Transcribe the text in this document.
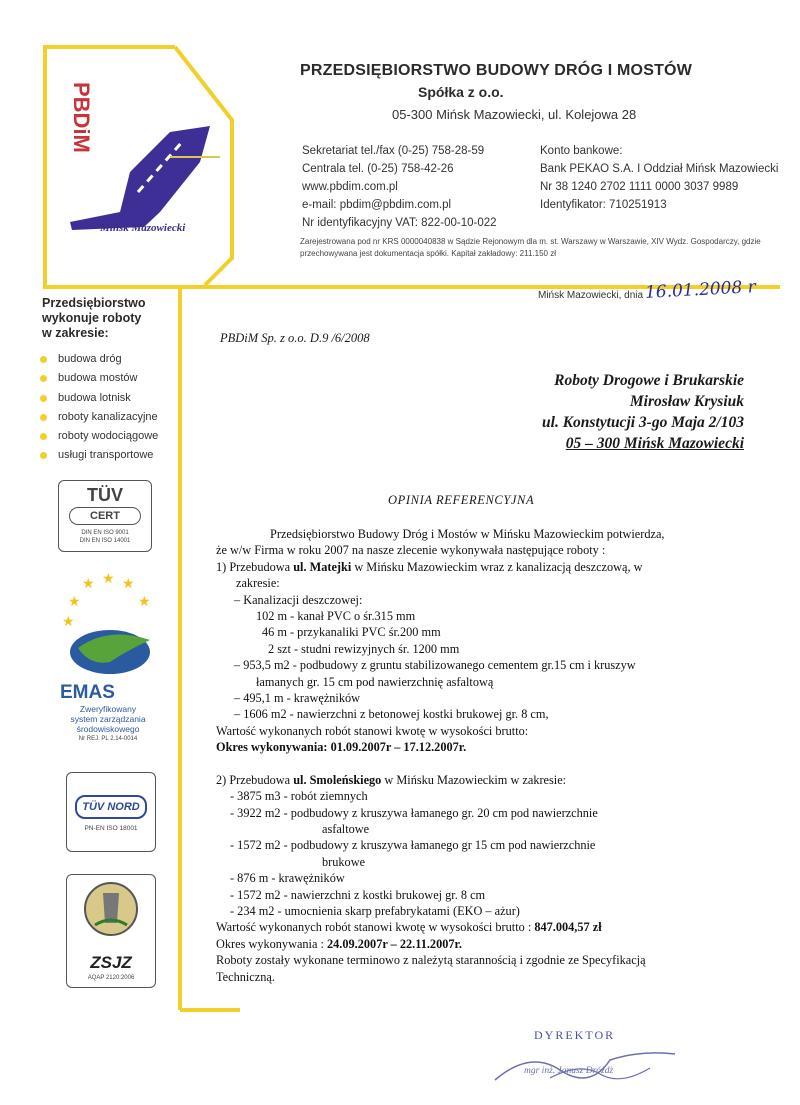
PBDiM
Mińsk Mazowiecki
PRZEDSIĘBIORSTWO BUDOWY DRÓG I MOSTÓW
Spółka z o.o.
05-300 Mińsk Mazowiecki, ul. Kolejowa 28
Sekretariat tel./fax (0-25) 758-28-59
Centrala tel. (0-25) 758-42-26
www.pbdim.com.pl
e-mail: pbdim@pbdim.com.pl
Nr identyfikacyjny VAT: 822-00-10-022
Konto bankowe:
Bank PEKAO S.A. I Oddział Mińsk Mazowiecki
Nr 38 1240 2702 1111 0000 3037 9989
Identyfikator: 710251913
Zarejestrowana pod nr KRS 0000040838 w Sądzie Rejonowym dla m. st. Warszawy w Warszawie, XIV Wydz. Gospodarczy, gdzie przechowywana jest dokumentacja spółki. Kapitał zakładowy: 211.150 zł
Mińsk Mazowiecki, dnia 16.01.2008 r
Przedsiębiorstwo
wykonuje roboty
w zakresie:
budowa dróg
budowa mostów
budowa lotnisk
roboty kanalizacyjne
roboty wodociągowe
usługi transportowe
TÜV
CERT
DIN EN ISO 9001
DIN EN ISO 14001
★ ★ ★
★	★
★
EMAS
Zweryfikowany
system zarządzania
środowiskowego
Nr REJ. PL 2.14-0014
TÜV NORD
PN-EN ISO 18001
ZSJZ
AQAP 2120:2006
PBDiM Sp. z o.o. D.9 /6/2008
Roboty Drogowe i Brukarskie
Mirosław Krysiuk
ul. Konstytucji 3-go Maja 2/103
05 – 300 Mińsk Mazowiecki
OPINIA REFERENCYJNA

Przedsiębiorstwo Budowy Dróg i Mostów w Mińsku Mazowieckim potwierdza,

że w/w Firma w roku 2007 na nasze zlecenie wykonywała następujące roboty :

1) Przebudowa ul. Matejki w Mińsku Mazowieckim wraz z kanalizacją deszczową, w

zakresie:

– Kanalizacji deszczowej:

102 m - kanał PVC o śr.315 mm

46 m - przykanaliki PVC śr.200 mm

2 szt - studni rewizyjnych śr. 1200 mm

– 953,5 m2 - podbudowy z gruntu stabilizowanego cementem gr.15 cm i kruszyw

łamanych gr. 15 cm pod nawierzchnię asfaltową

– 495,1 m - krawężników

– 1606 m2 - nawierzchni z betonowej kostki brukowej gr. 8 cm,

Wartość wykonanych robót stanowi kwotę w wysokości brutto:

Okres wykonywania: 01.09.2007r – 17.12.2007r.

2) Przebudowa ul. Smoleńskiego w Mińsku Mazowieckim w zakresie:

- 3875 m3 - robót ziemnych

- 3922 m2 - podbudowy z kruszywa łamanego gr. 20 cm pod nawierzchnie

asfaltowe

- 1572 m2 - podbudowy z kruszywa łamanego gr 15 cm pod nawierzchnie

brukowe

- 876 m - krawężników

- 1572 m2 - nawierzchni z kostki brukowej gr. 8 cm

- 234 m2 - umocnienia skarp prefabrykatami (EKO – ażur)

Wartość wykonanych robót stanowi kwotę w wysokości brutto : 847.004,57 zł

Okres wykonywania : 24.09.2007r – 22.11.2007r.

Roboty zostały wykonane terminowo z należytą starannością i zgodnie ze Specyfikacją

Techniczną.

DYREKTOR
mgr inż. Janusz Dróżdż
